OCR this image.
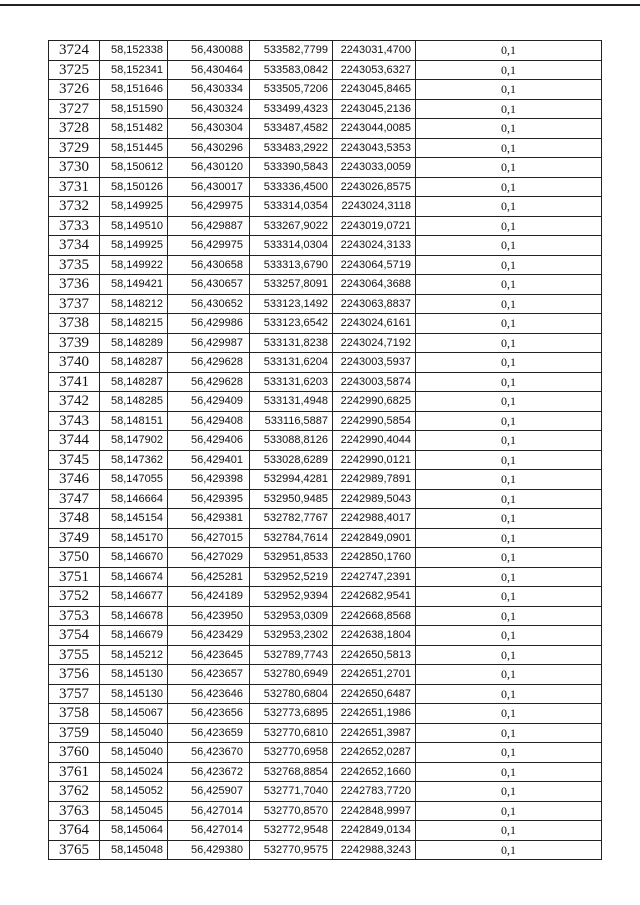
3724	58,152338	56,430088	533582,7799	2243031,4700	0,1
3725	58,152341	56,430464	533583,0842	2243053,6327	0,1
3726	58,151646	56,430334	533505,7206	2243045,8465	0,1
3727	58,151590	56,430324	533499,4323	2243045,2136	0,1
3728	58,151482	56,430304	533487,4582	2243044,0085	0,1
3729	58,151445	56,430296	533483,2922	2243043,5353	0,1
3730	58,150612	56,430120	533390,5843	2243033,0059	0,1
3731	58,150126	56,430017	533336,4500	2243026,8575	0,1
3732	58,149925	56,429975	533314,0354	2243024,3118	0,1
3733	58,149510	56,429887	533267,9022	2243019,0721	0,1
3734	58,149925	56,429975	533314,0304	2243024,3133	0,1
3735	58,149922	56,430658	533313,6790	2243064,5719	0,1
3736	58,149421	56,430657	533257,8091	2243064,3688	0,1
3737	58,148212	56,430652	533123,1492	2243063,8837	0,1
3738	58,148215	56,429986	533123,6542	2243024,6161	0,1
3739	58,148289	56,429987	533131,8238	2243024,7192	0,1
3740	58,148287	56,429628	533131,6204	2243003,5937	0,1
3741	58,148287	56,429628	533131,6203	2243003,5874	0,1
3742	58,148285	56,429409	533131,4948	2242990,6825	0,1
3743	58,148151	56,429408	533116,5887	2242990,5854	0,1
3744	58,147902	56,429406	533088,8126	2242990,4044	0,1
3745	58,147362	56,429401	533028,6289	2242990,0121	0,1
3746	58,147055	56,429398	532994,4281	2242989,7891	0,1
3747	58,146664	56,429395	532950,9485	2242989,5043	0,1
3748	58,145154	56,429381	532782,7767	2242988,4017	0,1
3749	58,145170	56,427015	532784,7614	2242849,0901	0,1
3750	58,146670	56,427029	532951,8533	2242850,1760	0,1
3751	58,146674	56,425281	532952,5219	2242747,2391	0,1
3752	58,146677	56,424189	532952,9394	2242682,9541	0,1
3753	58,146678	56,423950	532953,0309	2242668,8568	0,1
3754	58,146679	56,423429	532953,2302	2242638,1804	0,1
3755	58,145212	56,423645	532789,7743	2242650,5813	0,1
3756	58,145130	56,423657	532780,6949	2242651,2701	0,1
3757	58,145130	56,423646	532780,6804	2242650,6487	0,1
3758	58,145067	56,423656	532773,6895	2242651,1986	0,1
3759	58,145040	56,423659	532770,6810	2242651,3987	0,1
3760	58,145040	56,423670	532770,6958	2242652,0287	0,1
3761	58,145024	56,423672	532768,8854	2242652,1660	0,1
3762	58,145052	56,425907	532771,7040	2242783,7720	0,1
3763	58,145045	56,427014	532770,8570	2242848,9997	0,1
3764	58,145064	56,427014	532772,9548	2242849,0134	0,1
3765	58,145048	56,429380	532770,9575	2242988,3243	0,1
